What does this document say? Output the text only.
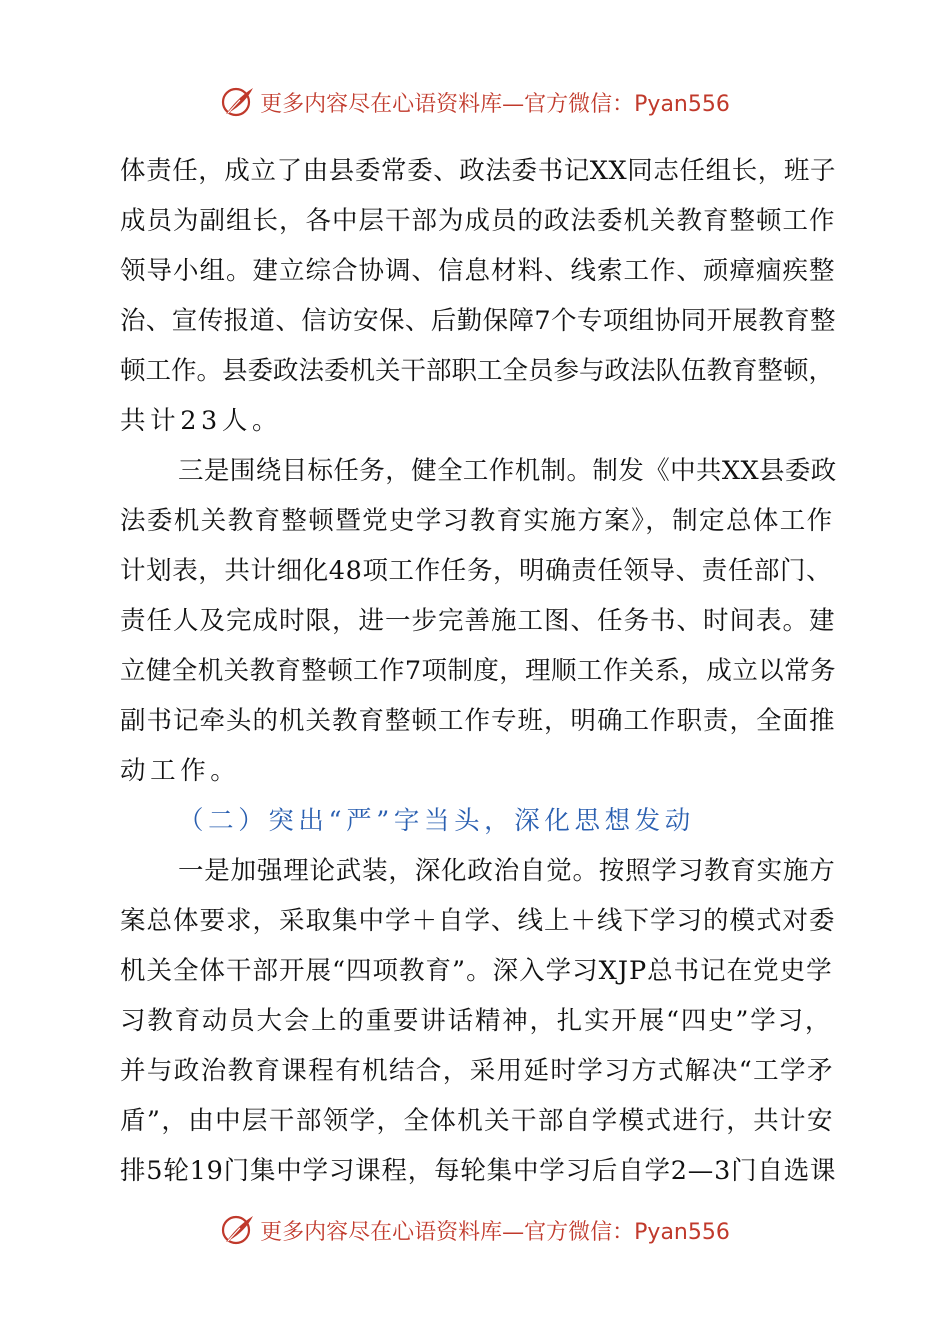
更多内容尽在心语资料库—官方微信：Pyan556
体责任，成立了由县委常委、政法委书记XX同志任组长，班子
成员为副组长，各中层干部为成员的政法委机关教育整顿工作
领导小组。建立综合协调、信息材料、线索工作、顽瘴痼疾整
治、宣传报道、信访安保、后勤保障7个专项组协同开展教育整
顿工作。县委政法委机关干部职工全员参与政法队伍教育整顿，
共计23人。
三是围绕目标任务，健全工作机制。制发《中共XX县委政
法委机关教育整顿暨党史学习教育实施方案》，制定总体工作
计划表，共计细化48项工作任务，明确责任领导、责任部门、
责任人及完成时限，进一步完善施工图、任务书、时间表。建
立健全机关教育整顿工作7项制度，理顺工作关系，成立以常务
副书记牵头的机关教育整顿工作专班，明确工作职责，全面推
动工作。
（二）突出“严”字当头，深化思想发动
一是加强理论武装，深化政治自觉。按照学习教育实施方
案总体要求，采取集中学＋自学、线上＋线下学习的模式对委
机关全体干部开展“四项教育”。深入学习XJP总书记在党史学
习教育动员大会上的重要讲话精神，扎实开展“四史”学习，
并与政治教育课程有机结合，采用延时学习方式解决“工学矛
盾”，由中层干部领学，全体机关干部自学模式进行，共计安
排5轮19门集中学习课程，每轮集中学习后自学2—3门自选课
更多内容尽在心语资料库—官方微信：Pyan556
